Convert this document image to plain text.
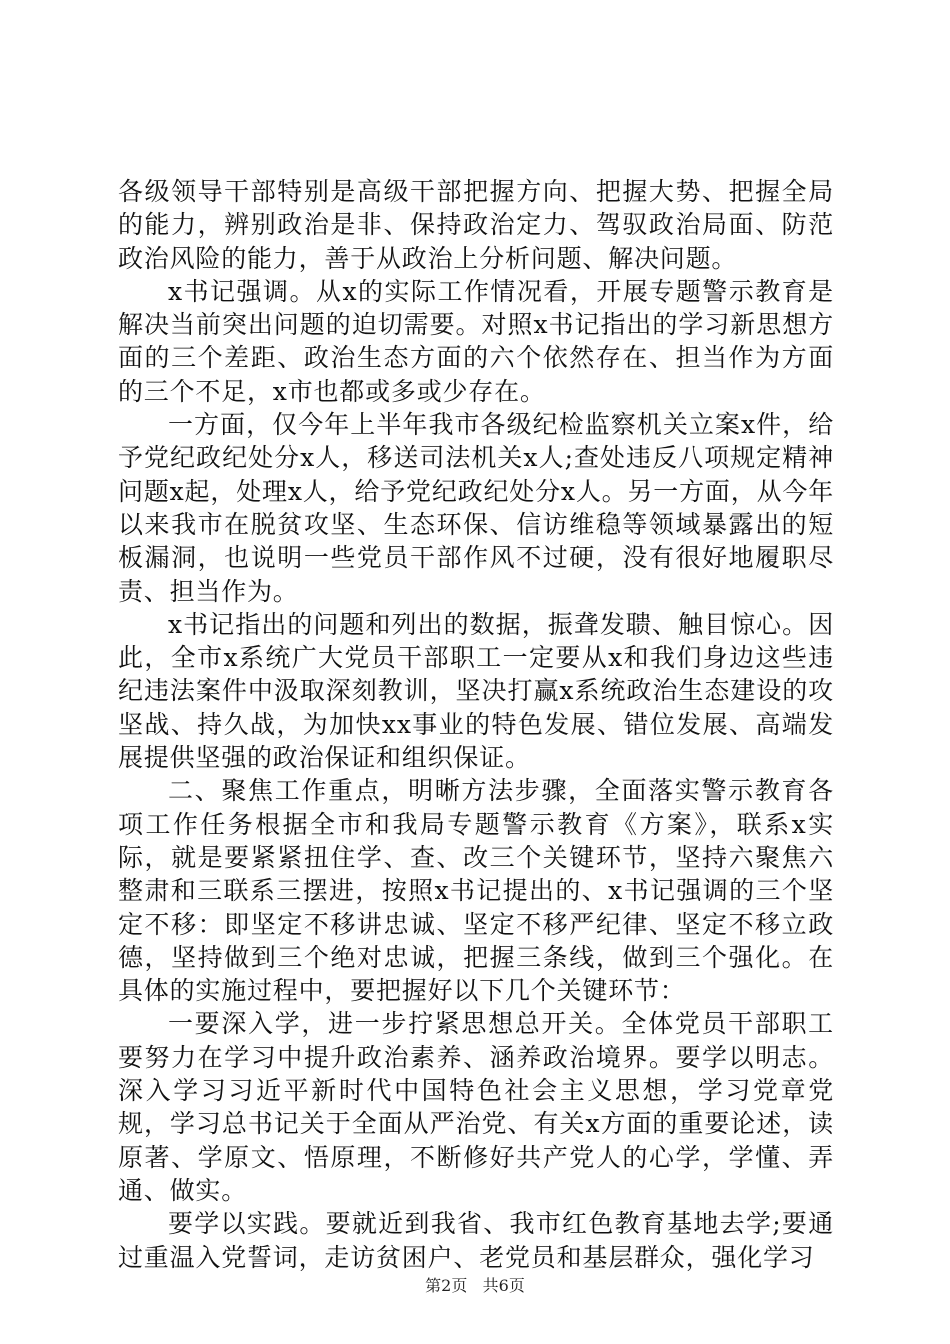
各级领导干部特别是高级干部把握方向、把握大势、把握全局的能力，辨别政治是非、保持政治定力、驾驭政治局面、防范政治风险的能力，善于从政治上分析问题、解决问题。

x书记强调。从x的实际工作情况看，开展专题警示教育是解决当前突出问题的迫切需要。对照x书记指出的学习新思想方面的三个差距、政治生态方面的六个依然存在、担当作为方面的三个不足，x市也都或多或少存在。

一方面，仅今年上半年我市各级纪检监察机关立案x件，给予党纪政纪处分x人，移送司法机关x人;查处违反八项规定精神问题x起，处理x人，给予党纪政纪处分x人。另一方面，从今年以来我市在脱贫攻坚、生态环保、信访维稳等领域暴露出的短板漏洞，也说明一些党员干部作风不过硬，没有很好地履职尽责、担当作为。

x书记指出的问题和列出的数据，振聋发聩、触目惊心。因此，全市x系统广大党员干部职工一定要从x和我们身边这些违纪违法案件中汲取深刻教训，坚决打赢x系统政治生态建设的攻坚战、持久战，为加快xx事业的特色发展、错位发展、高端发展提供坚强的政治保证和组织保证。

二、聚焦工作重点，明晰方法步骤，全面落实警示教育各项工作任务根据全市和我局专题警示教育《方案》，联系x实际，就是要紧紧扭住学、查、改三个关键环节，坚持六聚焦六整肃和三联系三摆进，按照x书记提出的、x书记强调的三个坚定不移：即坚定不移讲忠诚、坚定不移严纪律、坚定不移立政德，坚持做到三个绝对忠诚，把握三条线，做到三个强化。在具体的实施过程中，要把握好以下几个关键环节：

一要深入学，进一步拧紧思想总开关。全体党员干部职工要努力在学习中提升政治素养、涵养政治境界。要学以明志。深入学习习近平新时代中国特色社会主义思想，学习党章党规，学习总书记关于全面从严治党、有关x方面的重要论述，读原著、学原文、悟原理，不断修好共产党人的心学，学懂、弄通、做实。

要学以实践。要就近到我省、我市红色教育基地去学;要通过重温入党誓词，走访贫困户、老党员和基层群众，强化学习

第2页 共6页
